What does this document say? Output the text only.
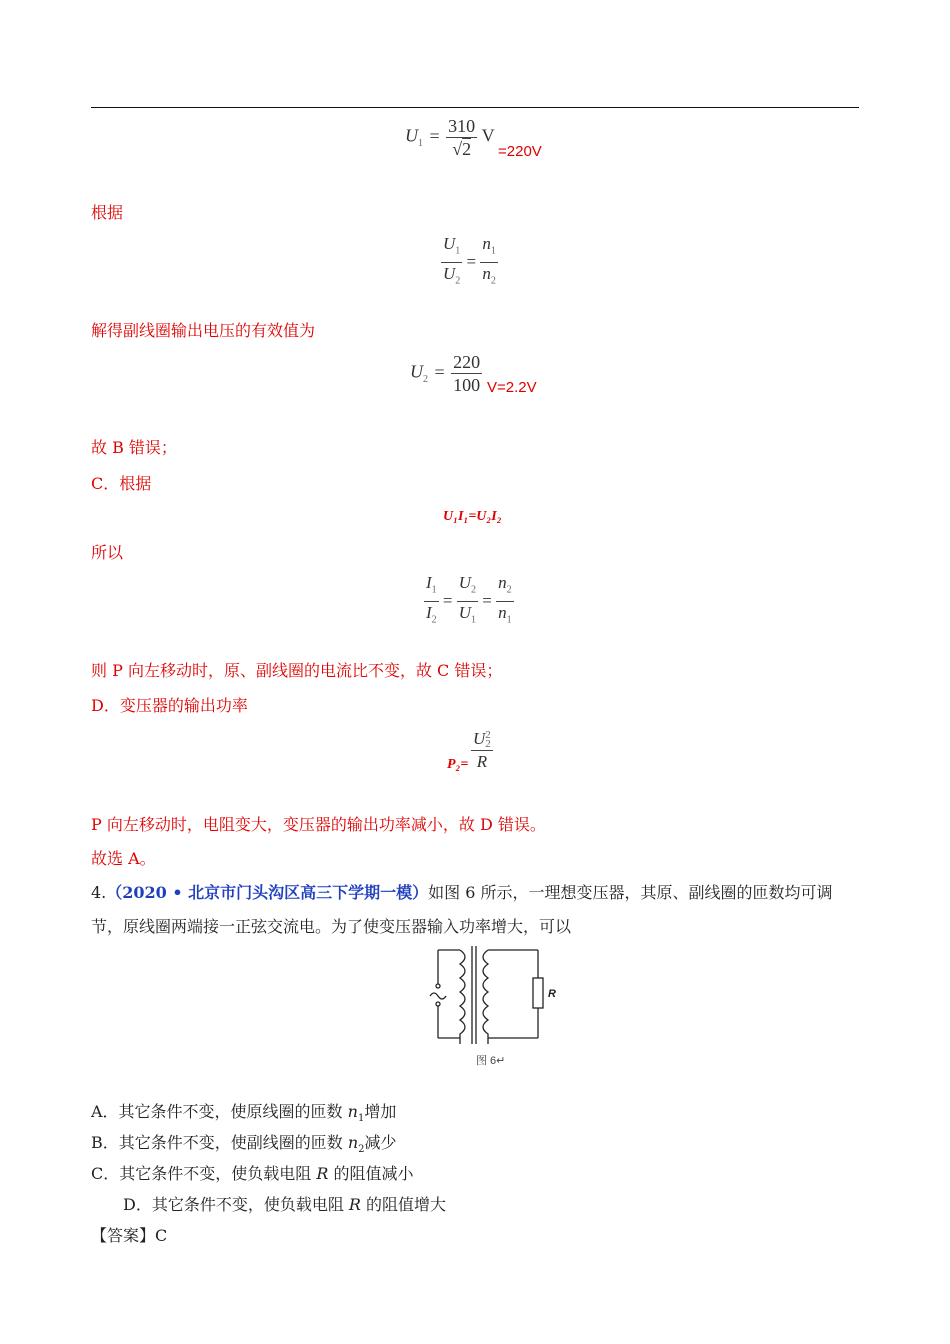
$U_1 = \frac{310}{√2}$ V
=220V
根据
$\frac{U_1}{U_2} = \frac{n_1}{n_2}$
解得副线圈输出电压的有效值为
$U_2 = \frac{220}{100} V=2.2V$
故 B 错误；
C．根据
U₁I₁=U₂I₂
所以
$\frac{I_1}{I_2} = \frac{U_2}{U_1} = \frac{n_2}{n_1}$
则 P 向左移动时，原、副线圈的电流比不变，故 C 错误；
D．变压器的输出功率
P₂= U 2
2
R
P 向左移动时，电阻变大，变压器的输出功率减小，故 D 错误。
故选 A。
4.（2020 • 北京市门头沟区高三下学期一模）如图 6 所示，一理想变压器，其原、副线圈的匝数均可调
节，原线圈两端接一正弦交流电。为了使变压器输入功率增大，可以
R
图 6↵
A．其它条件不变，使原线圈的匝数 $n_1$增加
B．其它条件不变，使副线圈的匝数 $n_2$减少
C．其它条件不变，使负载电阻 R 的阻值减小
D．其它条件不变，使负载电阻 R 的阻值增大
【答案】C
